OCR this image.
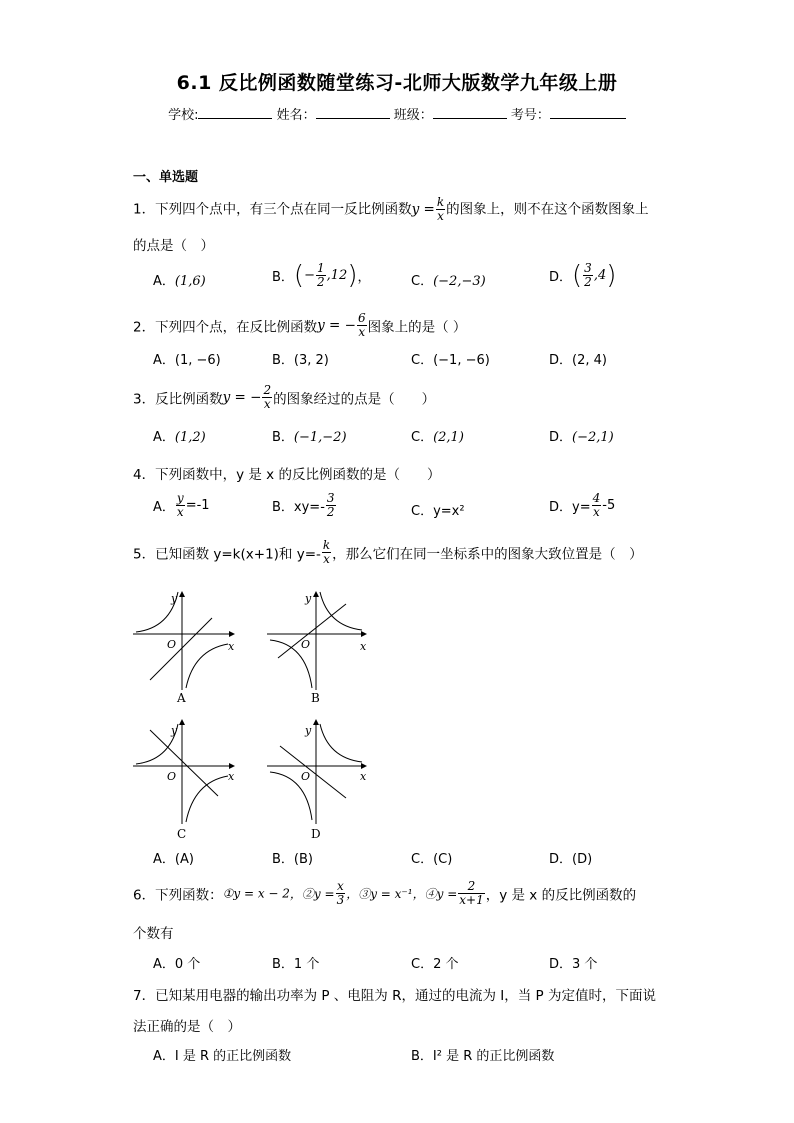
6.1 反比例函数随堂练习-北师大版数学九年级上册
学校:	姓名：	班级：	考号：
一、单选题
1．下列四个点中，有三个点在同一反比例函数$y = \frac{k}{x}$ 的图象上，则不在这个函数图象上
的点是（　）
A．(1,6)	B．(− $\frac{1}{2} ,12$)，	C．(−2,−3)	D．( $\frac{3}{2} ,4$)
2．下列四个点，在反比例函数y = − $\frac{6}{x}$ 图象上的是（ ）
A．(1, −6)	B．(3, 2)	C．(−1, −6)	D．(2, 4)
3．反比例函数y = − $\frac{2}{x}$ 的图象经过的点是（　　）
A．(1,2)	B．(−1,−2)	C．(2,1)	D．(−2,1)
4．下列函数中，y 是 x 的反比例函数的是（　　）
A． $\frac{y}{x} =-1$	B．$xy=- \frac{3}{2}$	C．y=x²	D．$y= \frac{4}{x} -5$
5．已知函数 y=k(x+1)和 $y=- \frac{k}{x}$ ，那么它们在同一坐标系中的图象大致位置是（　）
y
x
O
A
y
x
O
B
y
x
O
C
y
x
O
D
A．(A)	B．(B)	C．(C)	D．(D)
6．下列函数：①y = x − 2，②y = $\frac{x}{3}$ ，③y = x⁻¹，④y = $\frac{2}{x+1}$ ，y 是 x 的反比例函数的
个数有
A．0 个	B．1 个	C．2 个	D．3 个
7．已知某用电器的输出功率为 P 、电阻为 R，通过的电流为 I，当 P 为定值时，下面说
法正确的是（　）
A．I 是 R 的正比例函数	B．I² 是 R 的正比例函数
